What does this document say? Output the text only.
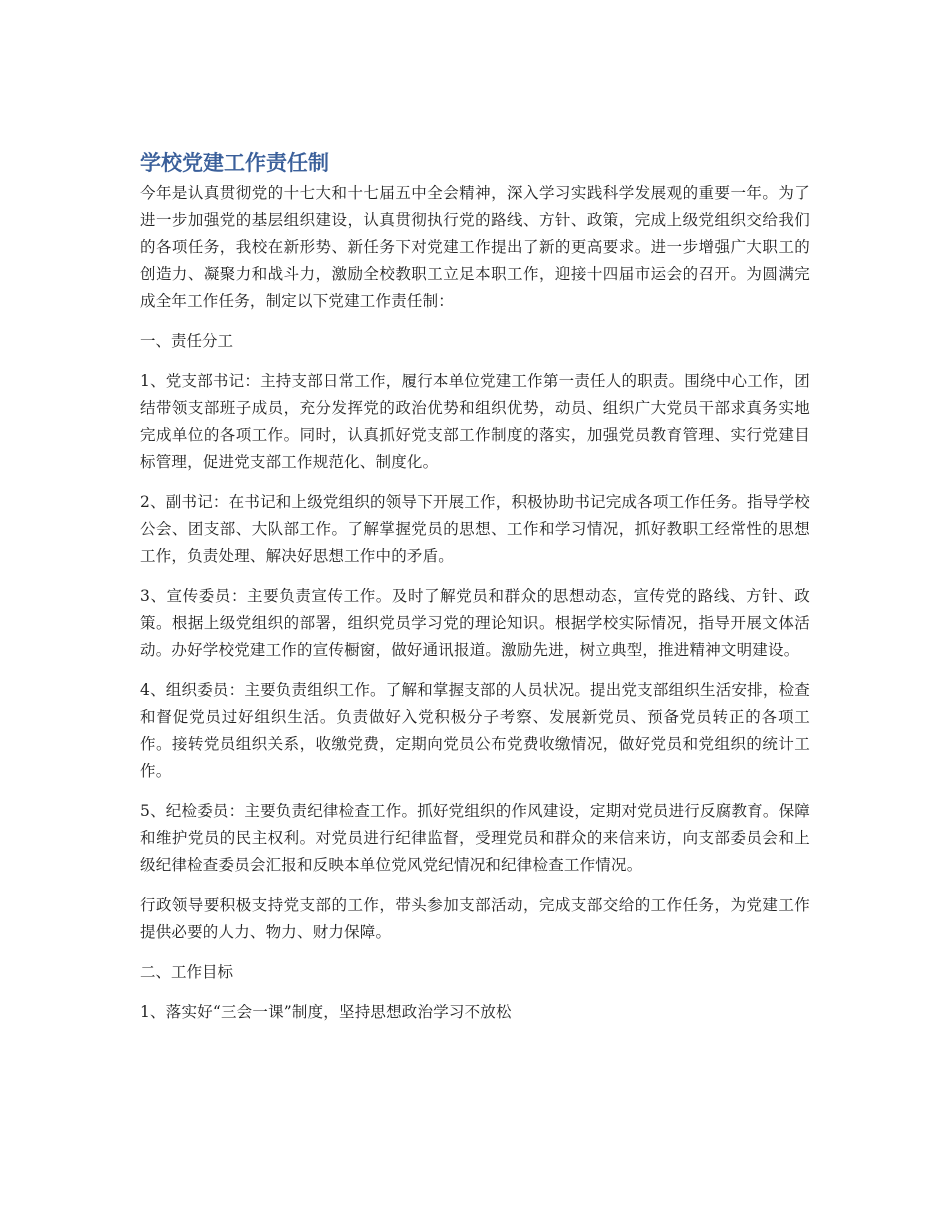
学校党建工作责任制

今年是认真贯彻党的十七大和十七届五中全会精神，深入学习实践科学发展观的重要一年。为了进一步加强党的基层组织建设，认真贯彻执行党的路线、方针、政策，完成上级党组织交给我们的各项任务，我校在新形势、新任务下对党建工作提出了新的更高要求。进一步增强广大职工的创造力、凝聚力和战斗力，激励全校教职工立足本职工作，迎接十四届市运会的召开。为圆满完成全年工作任务，制定以下党建工作责任制：

一、责任分工

1、党支部书记：主持支部日常工作，履行本单位党建工作第一责任人的职责。围绕中心工作，团结带领支部班子成员，充分发挥党的政治优势和组织优势，动员、组织广大党员干部求真务实地完成单位的各项工作。同时，认真抓好党支部工作制度的落实，加强党员教育管理、实行党建目标管理，促进党支部工作规范化、制度化。

2、副书记：在书记和上级党组织的领导下开展工作，积极协助书记完成各项工作任务。指导学校公会、团支部、大队部工作。了解掌握党员的思想、工作和学习情况，抓好教职工经常性的思想工作，负责处理、解决好思想工作中的矛盾。

3、宣传委员：主要负责宣传工作。及时了解党员和群众的思想动态，宣传党的路线、方针、政策。根据上级党组织的部署，组织党员学习党的理论知识。根据学校实际情况，指导开展文体活动。办好学校党建工作的宣传橱窗，做好通讯报道。激励先进，树立典型，推进精神文明建设。

4、组织委员：主要负责组织工作。了解和掌握支部的人员状况。提出党支部组织生活安排，检查和督促党员过好组织生活。负责做好入党积极分子考察、发展新党员、预备党员转正的各项工作。接转党员组织关系，收缴党费，定期向党员公布党费收缴情况，做好党员和党组织的统计工作。

5、纪检委员：主要负责纪律检查工作。抓好党组织的作风建设，定期对党员进行反腐教育。保障和维护党员的民主权利。对党员进行纪律监督，受理党员和群众的来信来访，向支部委员会和上级纪律检查委员会汇报和反映本单位党风党纪情况和纪律检查工作情况。

行政领导要积极支持党支部的工作，带头参加支部活动，完成支部交给的工作任务，为党建工作提供必要的人力、物力、财力保障。

二、工作目标

1、落实好“三会一课”制度，坚持思想政治学习不放松
